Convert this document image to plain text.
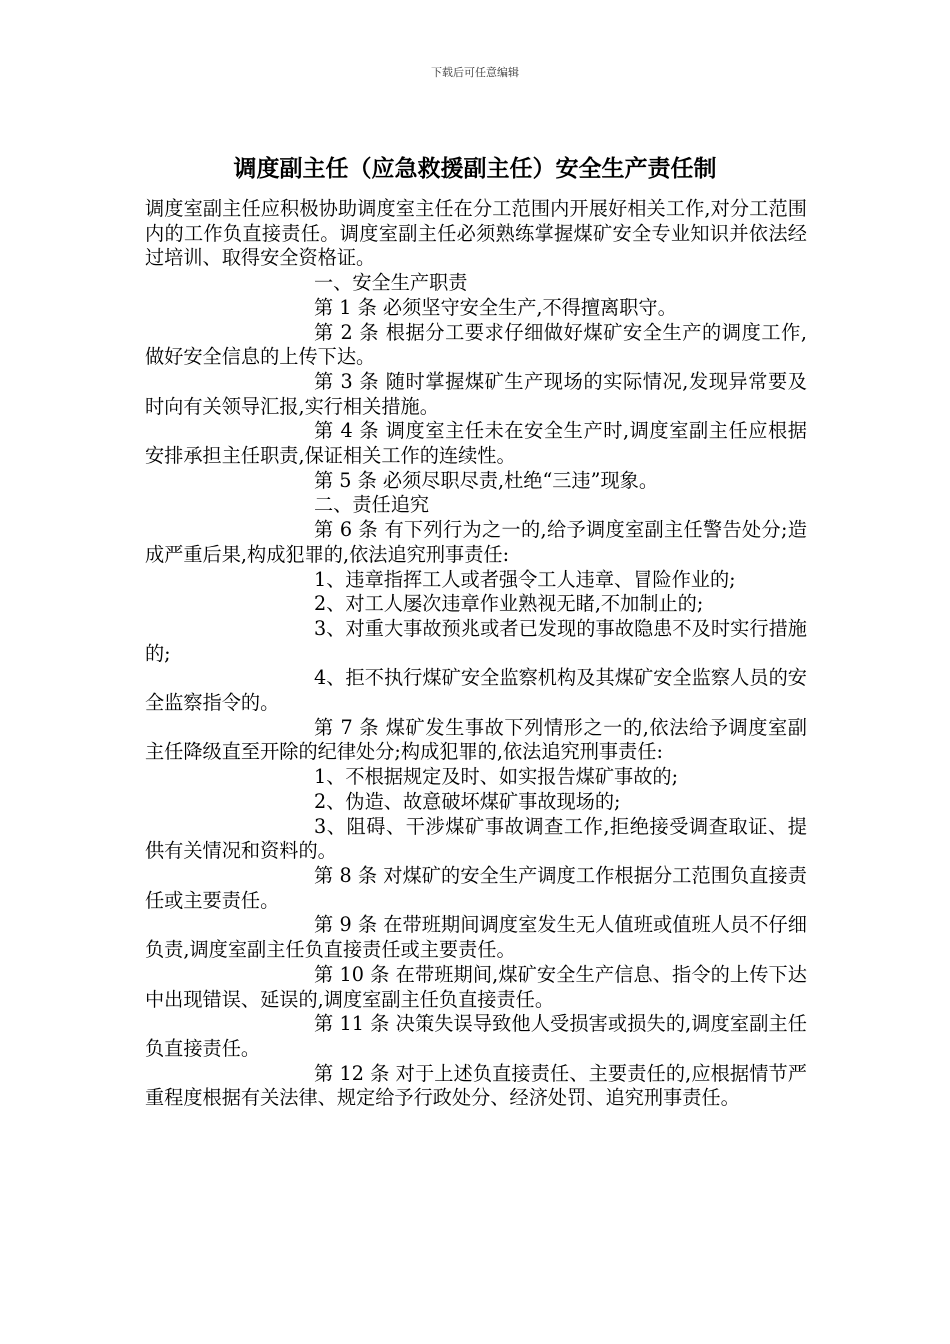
下载后可任意编辑
调度副主任（应急救援副主任）安全生产责任制

调度室副主任应积极协助调度室主任在分工范围内开展好相关工作,对分工范围内的工作负直接责任。调度室副主任必须熟练掌握煤矿安全专业知识并依法经过培训、取得安全资格证。

一、安全生产职责

第 1 条 必须坚守安全生产,不得擅离职守。

第 2 条 根据分工要求仔细做好煤矿安全生产的调度工作,做好安全信息的上传下达。

第 3 条 随时掌握煤矿生产现场的实际情况,发现异常要及时向有关领导汇报,实行相关措施。

第 4 条 调度室主任未在安全生产时,调度室副主任应根据安排承担主任职责,保证相关工作的连续性。

第 5 条 必须尽职尽责,杜绝“三违”现象。

二、责任追究

第 6 条 有下列行为之一的,给予调度室副主任警告处分;造成严重后果,构成犯罪的,依法追究刑事责任:

1、违章指挥工人或者强令工人违章、冒险作业的;

2、对工人屡次违章作业熟视无睹,不加制止的;

3、对重大事故预兆或者已发现的事故隐患不及时实行措施的;

4、拒不执行煤矿安全监察机构及其煤矿安全监察人员的安全监察指令的。

第 7 条 煤矿发生事故下列情形之一的,依法给予调度室副主任降级直至开除的纪律处分;构成犯罪的,依法追究刑事责任:

1、不根据规定及时、如实报告煤矿事故的;

2、伪造、故意破坏煤矿事故现场的;

3、阻碍、干涉煤矿事故调查工作,拒绝接受调查取证、提供有关情况和资料的。

第 8 条 对煤矿的安全生产调度工作根据分工范围负直接责任或主要责任。

第 9 条 在带班期间调度室发生无人值班或值班人员不仔细负责,调度室副主任负直接责任或主要责任。

第 10 条 在带班期间,煤矿安全生产信息、指令的上传下达中出现错误、延误的,调度室副主任负直接责任。

第 11 条 决策失误导致他人受损害或损失的,调度室副主任负直接责任。

第 12 条 对于上述负直接责任、主要责任的,应根据情节严重程度根据有关法律、规定给予行政处分、经济处罚、追究刑事责任。
